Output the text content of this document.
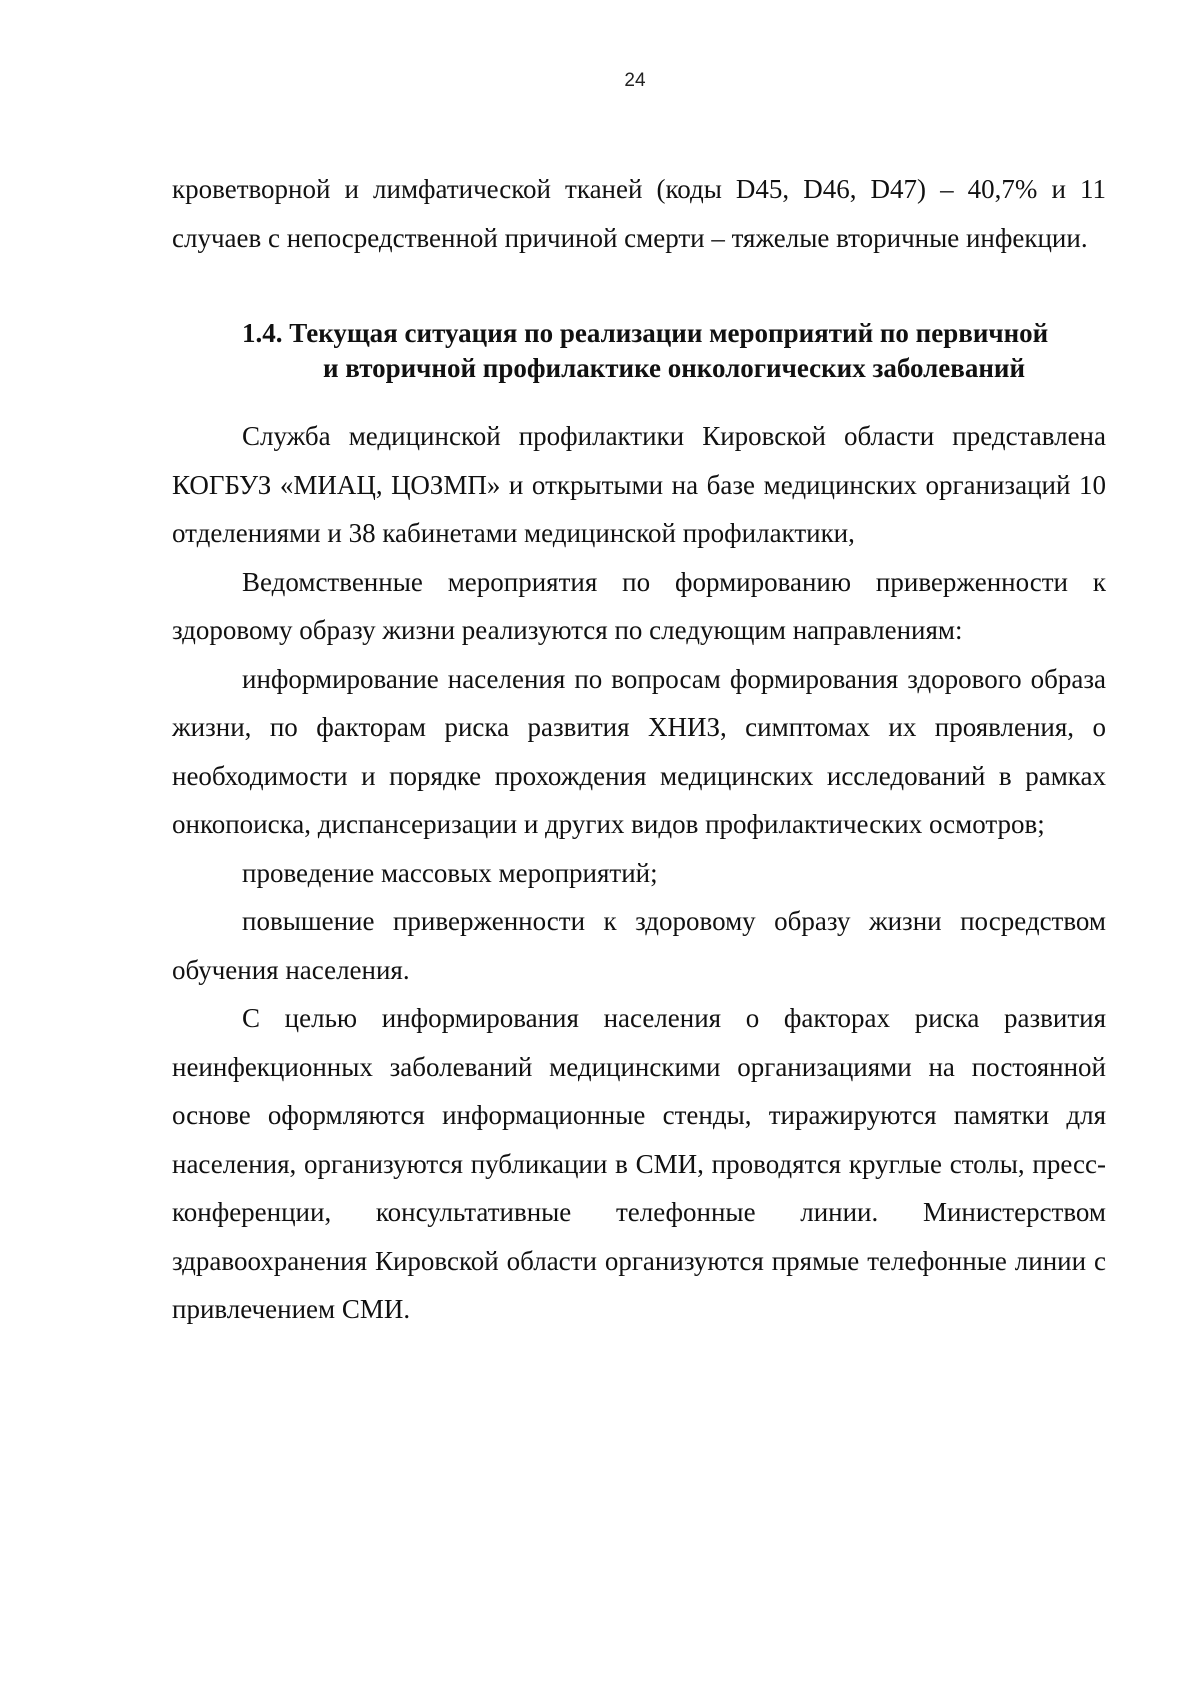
24

кроветворной и лимфатической тканей (коды D45, D46, D47) – 40,7% и 11 случаев с непосредственной причиной смерти – тяжелые вторичные инфекции.

1.4. Текущая ситуация по реализации мероприятий по первичной
и вторичной профилактике онкологических заболеваний

Служба медицинской профилактики Кировской области представлена КОГБУЗ «МИАЦ, ЦОЗМП» и открытыми на базе медицинских организаций 10 отделениями и 38 кабинетами медицинской профилактики,

Ведомственные мероприятия по формированию приверженности к здоровому образу жизни реализуются по следующим направлениям:

информирование населения по вопросам формирования здорового образа жизни, по факторам риска развития ХНИЗ, симптомах их проявления, о необходимости и порядке прохождения медицинских исследований в рамках онкопоиска, диспансеризации и других видов профилактических осмотров;

проведение массовых мероприятий;

повышение приверженности к здоровому образу жизни посредством обучения населения.

С целью информирования населения о факторах риска развития неинфекционных заболеваний медицинскими организациями на постоянной основе оформляются информационные стенды, тиражируются памятки для населения, организуются публикации в СМИ, проводятся круглые столы, пресс-конференции, консультативные телефонные линии. Министерством здравоохранения Кировской области организуются прямые телефонные линии с привлечением СМИ.
